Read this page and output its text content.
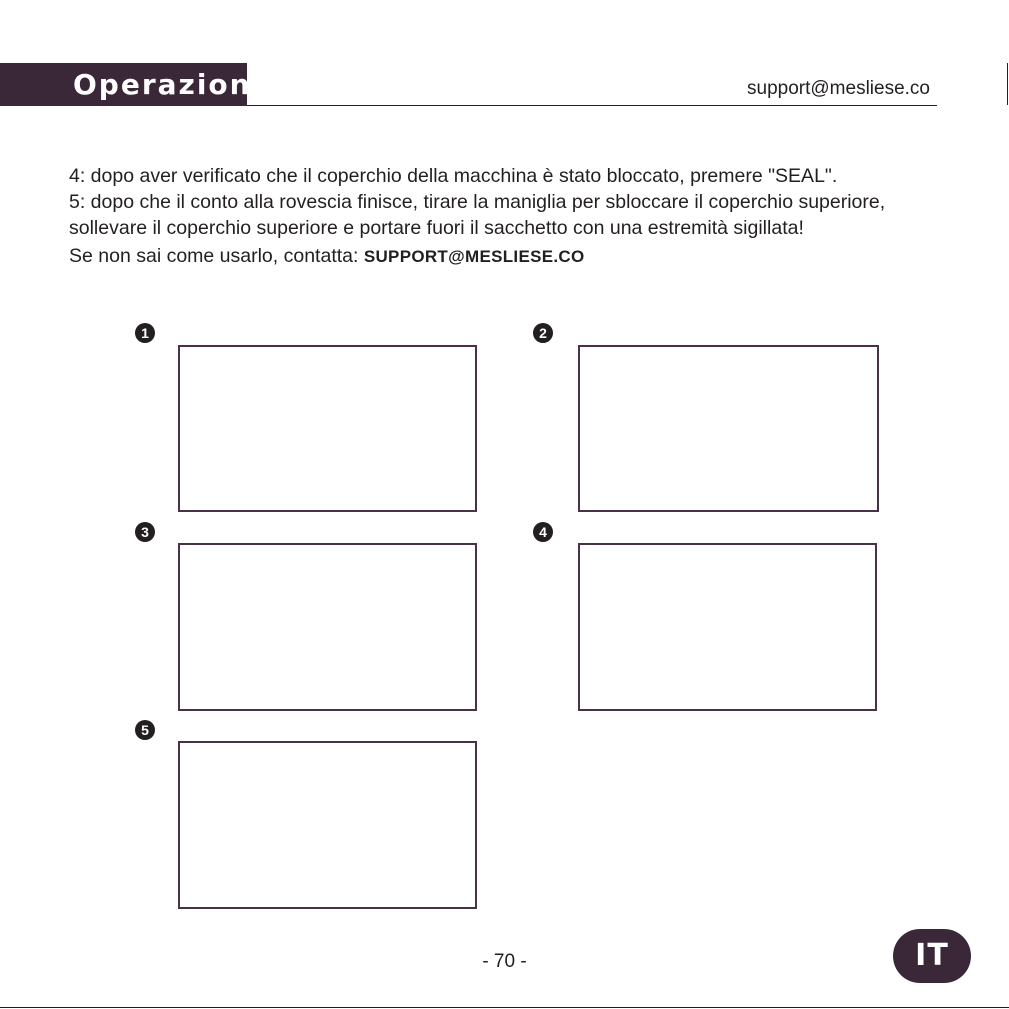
Operazioni	support@mesliese.co

4: dopo aver verificato che il coperchio della macchina è stato bloccato, premere "SEAL".

5: dopo che il conto alla rovescia finisce, tirare la maniglia per sbloccare il coperchio superiore,

sollevare il coperchio superiore e portare fuori il sacchetto con una estremità sigillata!

Se non sai come usarlo, contatta: SUPPORT@MESLIESE.CO

1	2
3	4
5
- 70 -	IT
